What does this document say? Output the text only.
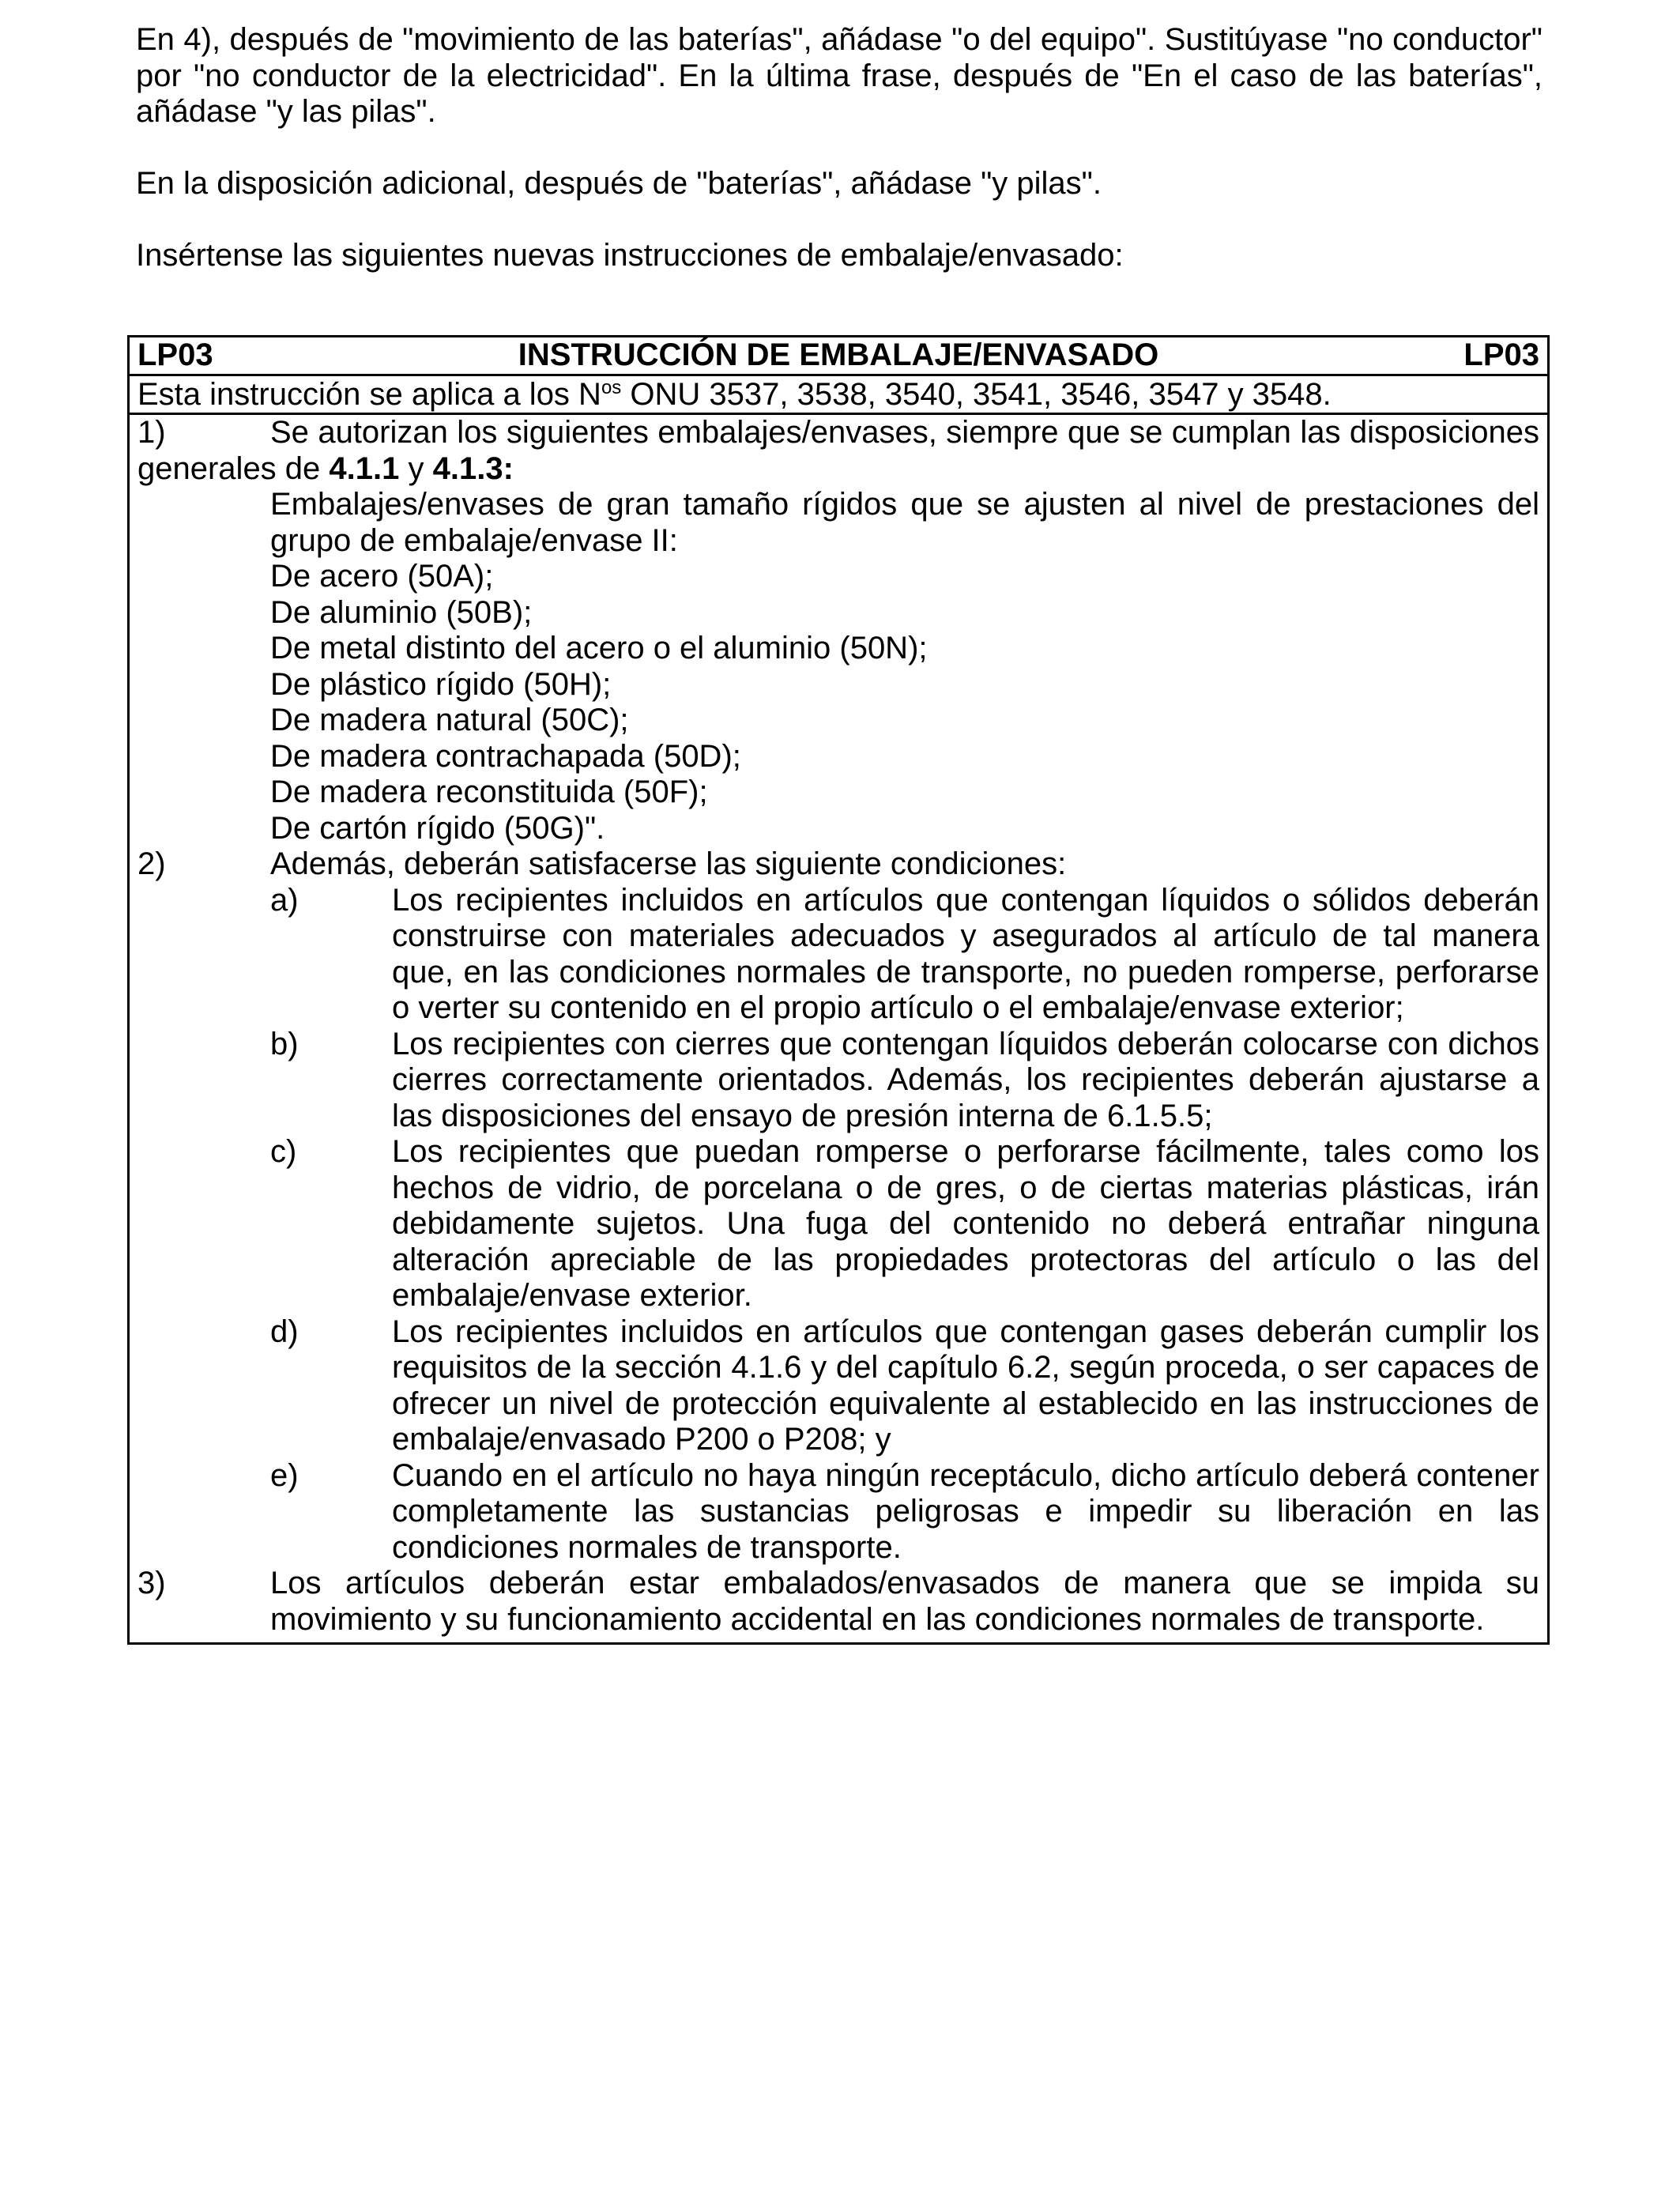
En 4), después de "movimiento de las baterías", añádase "o del equipo". Sustitúyase "no conductor" por "no conductor de la electricidad". En la última frase, después de "En el caso de las baterías", añádase "y las pilas".

En la disposición adicional, después de "baterías", añádase "y pilas".

Insértense las siguientes nuevas instrucciones de embalaje/envasado:

LP03	INSTRUCCIÓN DE EMBALAJE/ENVASADO	LP03
Esta instrucción se aplica a los $N^{os}$ ONU 3537, 3538, 3540, 3541, 3546, 3547 y 3548.
1)	Se autorizan los siguientes embalajes/envases, siempre que se cumplan las disposiciones generales de 4.1.1 y 4.1.3:

Embalajes/envases de gran tamaño rígidos que se ajusten al nivel de prestaciones del grupo de embalaje/envase II:

De acero (50A);

De aluminio (50B);

De metal distinto del acero o el aluminio (50N);

De plástico rígido (50H);

De madera natural (50C);

De madera contrachapada (50D);

De madera reconstituida (50F);

De cartón rígido (50G)".

2)	Además, deberán satisfacerse las siguiente condiciones:
a)	Los recipientes incluidos en artículos que contengan líquidos o sólidos deberán construirse con materiales adecuados y asegurados al artículo de tal manera que, en las condiciones normales de transporte, no pueden romperse, perforarse o verter su contenido en el propio artículo o el embalaje/envase exterior;
b)	Los recipientes con cierres que contengan líquidos deberán colocarse con dichos cierres correctamente orientados. Además, los recipientes deberán ajustarse a las disposiciones del ensayo de presión interna de 6.1.5.5;
c)	Los recipientes que puedan romperse o perforarse fácilmente, tales como los hechos de vidrio, de porcelana o de gres, o de ciertas materias plásticas, irán debidamente sujetos. Una fuga del contenido no deberá entrañar ninguna alteración apreciable de las propiedades protectoras del artículo o las del embalaje/envase exterior.
d)	Los recipientes incluidos en artículos que contengan gases deberán cumplir los requisitos de la sección 4.1.6 y del capítulo 6.2, según proceda, o ser capaces de ofrecer un nivel de protección equivalente al establecido en las instrucciones de embalaje/envasado P200 o P208; y
e)	Cuando en el artículo no haya ningún receptáculo, dicho artículo deberá contener completamente las sustancias peligrosas e impedir su liberación en las condiciones normales de transporte.
3)	Los artículos deberán estar embalados/envasados de manera que se impida su movimiento y su funcionamiento accidental en las condiciones normales de transporte.
